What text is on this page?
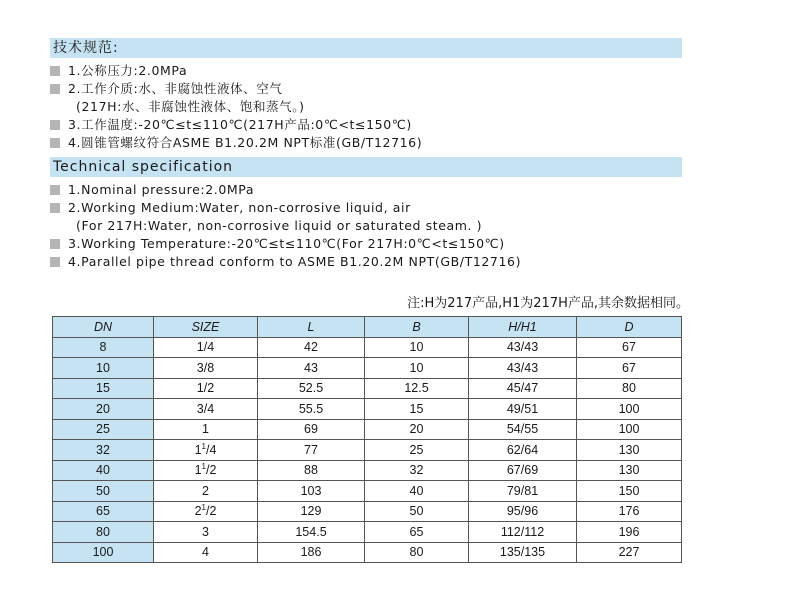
技术规范:
1.公称压力:2.0MPa
2.工作介质:水、非腐蚀性液体、空气
(217H:水、非腐蚀性液体、饱和蒸气。)
3.工作温度:-20℃≤t≤110℃(217H产品:0℃<t≤150℃)
4.圆锥管螺纹符合ASME B1.20.2M NPT标准(GB/T12716)
Technical specification
1.Nominal pressure:2.0MPa
2.Working Medium:Water, non-corrosive liquid, air
(For 217H:Water, non-corrosive liquid or saturated steam. )
3.Working Temperature:-20℃≤t≤110℃(For 217H:0℃<t≤150℃)
4.Parallel pipe thread conform to ASME B1.20.2M NPT(GB/T12716)
注:H为217产品,H1为217H产品,其余数据相同。
DN	SIZE	L	B	H/H1	D
8	1/4	42	10	43/43	67
10	3/8	43	10	43/43	67
15	1/2	52.5	12.5	45/47	80
20	3/4	55.5	15	49/51	100
25	1	69	20	54/55	100
32	$1^1/4$	77	25	62/64	130
40	$1^1/2$	88	32	67/69	130
50	2	103	40	79/81	150
65	$2^1/2$	129	50	95/96	176
80	3	154.5	65	112/112	196
100	4	186	80	135/135	227
